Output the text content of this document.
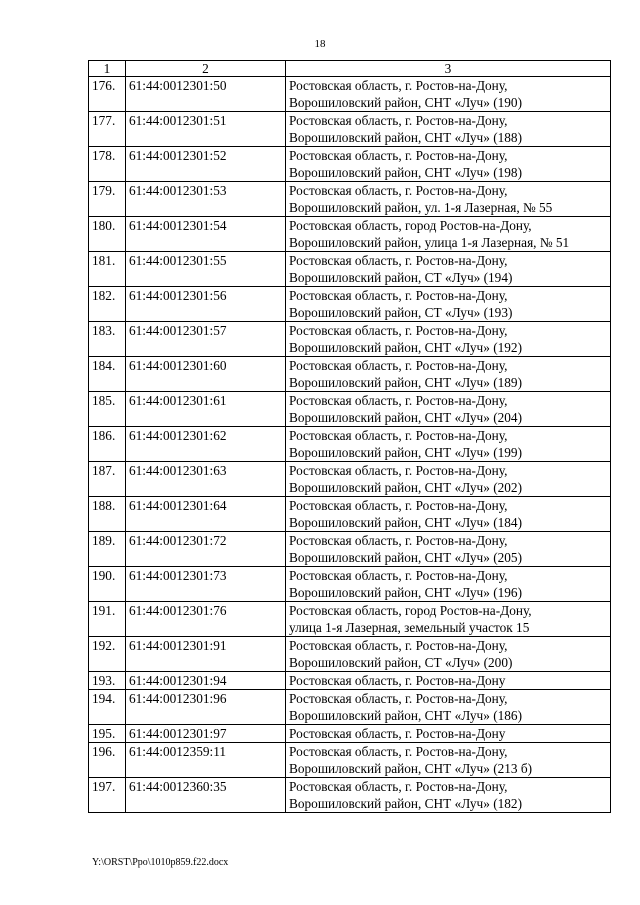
18
1	2	3
176.	61:44:0012301:50	Ростовская область, г. Ростов-на-Дону,
Ворошиловский район, СНТ «Луч» (190)

177.	61:44:0012301:51	Ростовская область, г. Ростов-на-Дону,
Ворошиловский район, СНТ «Луч» (188)

178.	61:44:0012301:52	Ростовская область, г. Ростов-на-Дону,
Ворошиловский район, СНТ «Луч» (198)

179.	61:44:0012301:53	Ростовская область, г. Ростов-на-Дону,
Ворошиловский район, ул. 1-я Лазерная, № 55

180.	61:44:0012301:54	Ростовская область, город Ростов-на-Дону,
Ворошиловский район, улица 1-я Лазерная, № 51

181.	61:44:0012301:55	Ростовская область, г. Ростов-на-Дону,
Ворошиловский район, СТ «Луч» (194)

182.	61:44:0012301:56	Ростовская область, г. Ростов-на-Дону,
Ворошиловский район, СТ «Луч» (193)

183.	61:44:0012301:57	Ростовская область, г. Ростов-на-Дону,
Ворошиловский район, СНТ «Луч» (192)

184.	61:44:0012301:60	Ростовская область, г. Ростов-на-Дону,
Ворошиловский район, СНТ «Луч» (189)

185.	61:44:0012301:61	Ростовская область, г. Ростов-на-Дону,
Ворошиловский район, СНТ «Луч» (204)

186.	61:44:0012301:62	Ростовская область, г. Ростов-на-Дону,
Ворошиловский район, СНТ «Луч» (199)

187.	61:44:0012301:63	Ростовская область, г. Ростов-на-Дону,
Ворошиловский район, СНТ «Луч» (202)

188.	61:44:0012301:64	Ростовская область, г. Ростов-на-Дону,
Ворошиловский район, СНТ «Луч» (184)

189.	61:44:0012301:72	Ростовская область, г. Ростов-на-Дону,
Ворошиловский район, СНТ «Луч» (205)

190.	61:44:0012301:73	Ростовская область, г. Ростов-на-Дону,
Ворошиловский район, СНТ «Луч» (196)

191.	61:44:0012301:76	Ростовская область, город Ростов-на-Дону,
улица 1-я Лазерная, земельный участок 15

192.	61:44:0012301:91	Ростовская область, г. Ростов-на-Дону,
Ворошиловский район, СТ «Луч» (200)

193.	61:44:0012301:94	Ростовская область, г. Ростов-на-Дону

194.	61:44:0012301:96	Ростовская область, г. Ростов-на-Дону,
Ворошиловский район, СНТ «Луч» (186)

195.	61:44:0012301:97	Ростовская область, г. Ростов-на-Дону

196.	61:44:0012359:11	Ростовская область, г. Ростов-на-Дону,
Ворошиловский район, СНТ «Луч» (213 б)

197.	61:44:0012360:35	Ростовская область, г. Ростов-на-Дону,
Ворошиловский район, СНТ «Луч» (182)
Y:\ORST\Ppo\1010p859.f22.docx
